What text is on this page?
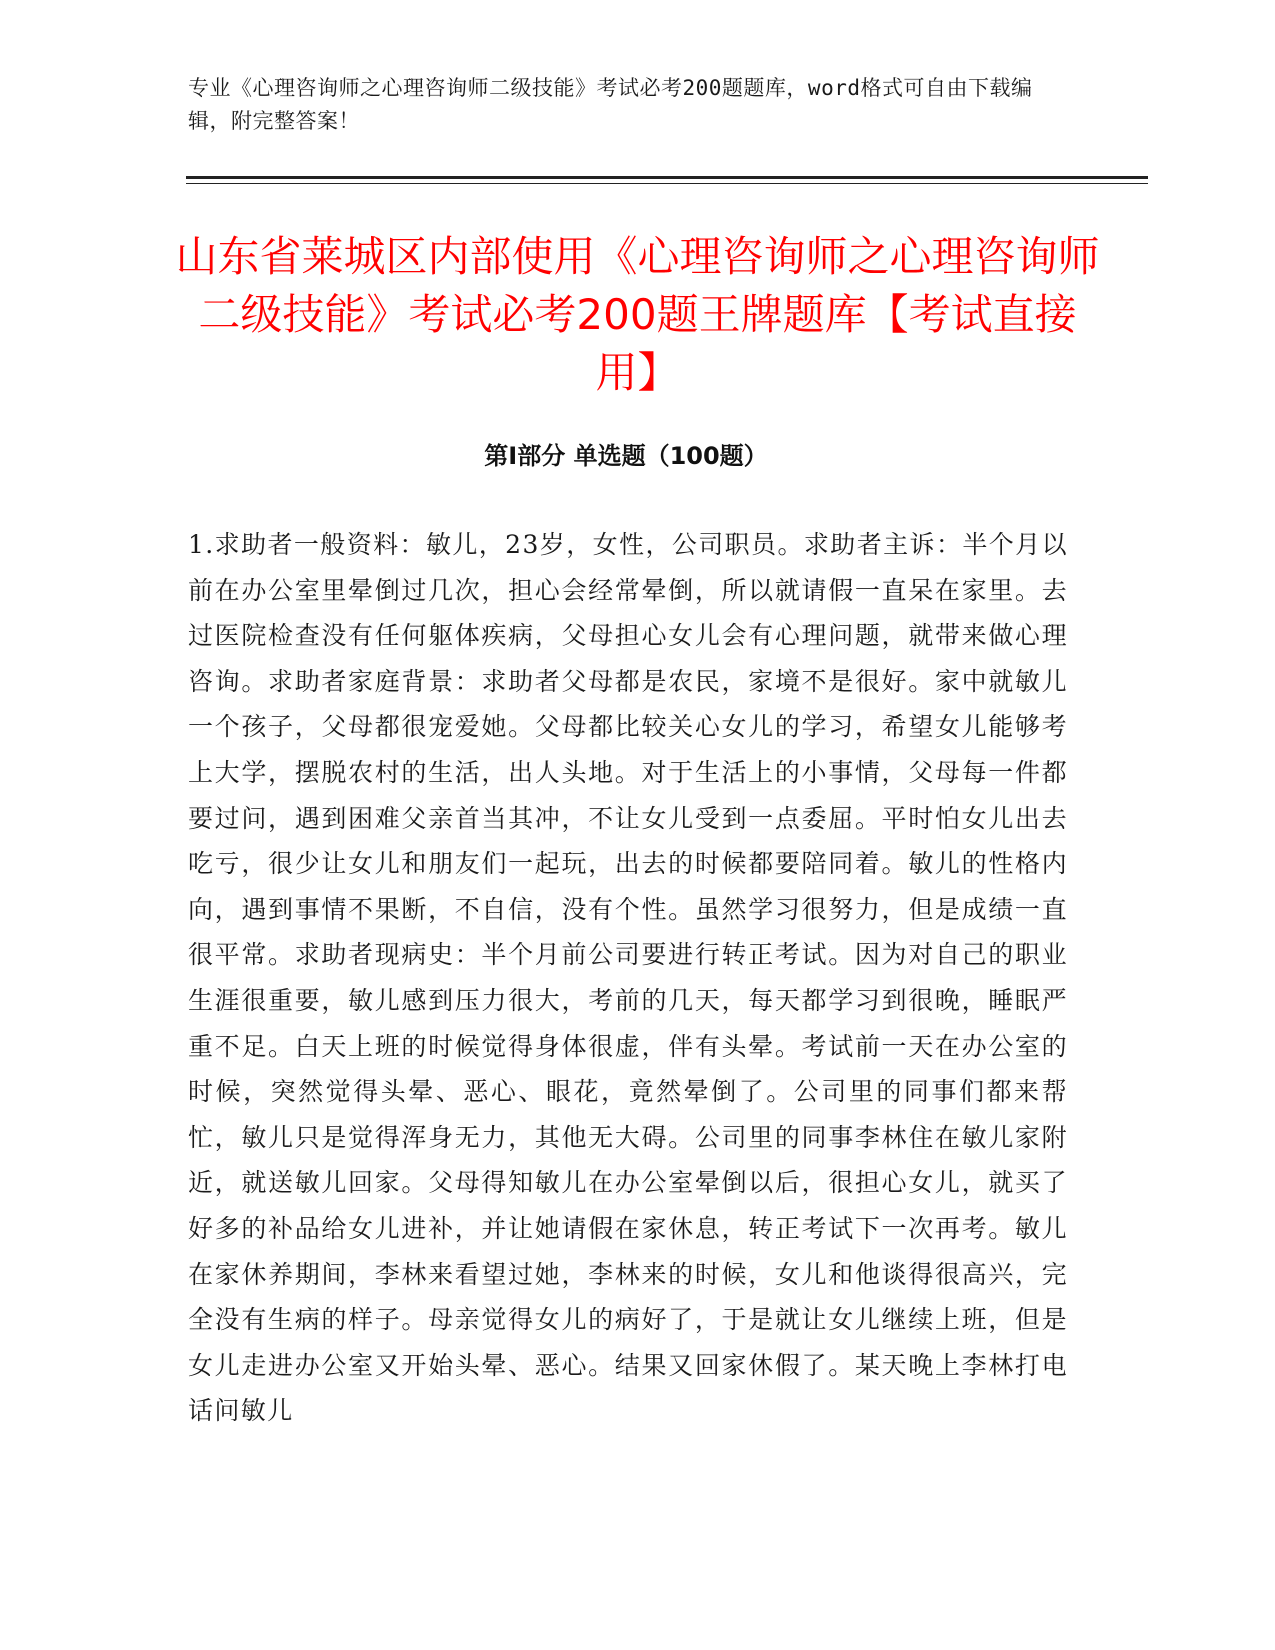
专业《心理咨询师之心理咨询师二级技能》考试必考200题题库，word格式可自由下载编辑，附完整答案！
山东省莱城区内部使用《心理咨询师之心理咨询师二级技能》考试必考200题王牌题库【考试直接用】
第I部分 单选题（100题）

1.求助者一般资料：敏儿，23岁，女性，公司职员。求助者主诉：半个月以前在办公室里晕倒过几次，担心会经常晕倒，所以就请假一直呆在家里。去过医院检查没有任何躯体疾病，父母担心女儿会有心理问题，就带来做心理咨询。求助者家庭背景：求助者父母都是农民，家境不是很好。家中就敏儿一个孩子，父母都很宠爱她。父母都比较关心女儿的学习，希望女儿能够考上大学，摆脱农村的生活，出人头地。对于生活上的小事情，父母每一件都要过问，遇到困难父亲首当其冲，不让女儿受到一点委屈。平时怕女儿出去吃亏，很少让女儿和朋友们一起玩，出去的时候都要陪同着。敏儿的性格内向，遇到事情不果断，不自信，没有个性。虽然学习很努力，但是成绩一直很平常。求助者现病史：半个月前公司要进行转正考试。因为对自己的职业生涯很重要，敏儿感到压力很大，考前的几天，每天都学习到很晚，睡眠严重不足。白天上班的时候觉得身体很虚，伴有头晕。考试前一天在办公室的时候，突然觉得头晕、恶心、眼花，竟然晕倒了。公司里的同事们都来帮忙，敏儿只是觉得浑身无力，其他无大碍。公司里的同事李林住在敏儿家附近，就送敏儿回家。父母得知敏儿在办公室晕倒以后，很担心女儿，就买了好多的补品给女儿进补，并让她请假在家休息，转正考试下一次再考。敏儿在家休养期间，李林来看望过她，李林来的时候，女儿和他谈得很高兴，完全没有生病的样子。母亲觉得女儿的病好了，于是就让女儿继续上班，但是女儿走进办公室又开始头晕、恶心。结果又回家休假了。某天晚上李林打电话问敏儿
